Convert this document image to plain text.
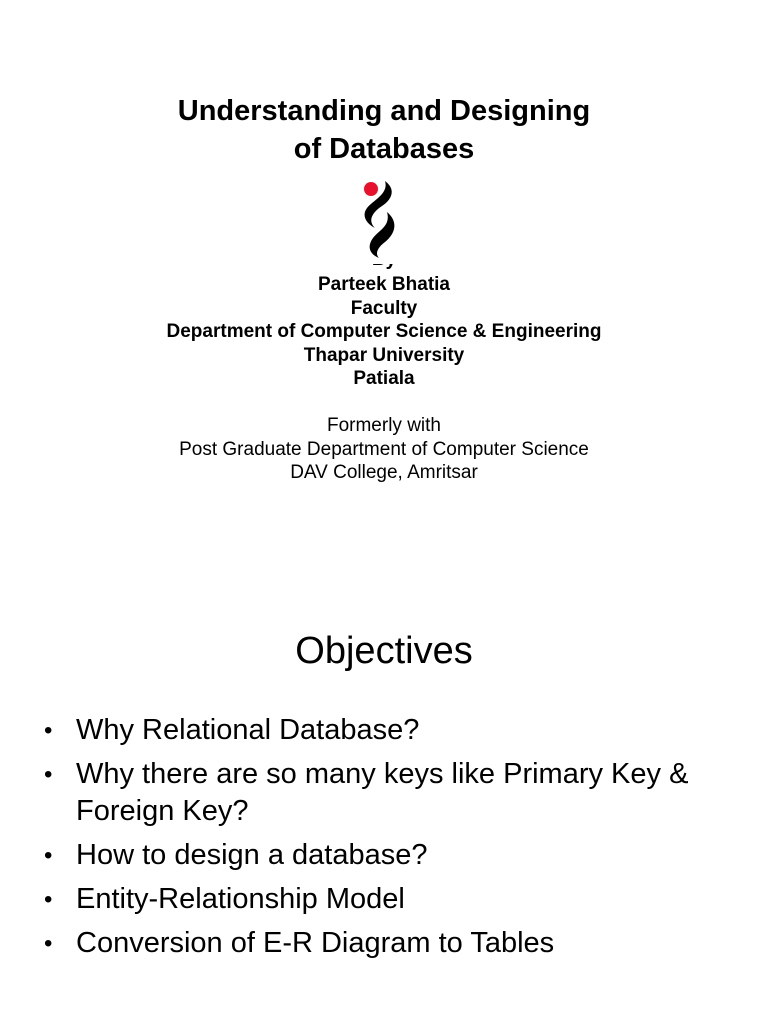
Understanding and Designing
of Databases
Parteek Bhatia
Faculty
Department of Computer Science & Engineering
Thapar University
Patiala
Formerly with
Post Graduate Department of Computer Science
DAV College, Amritsar
Objectives
• Why Relational Database?
• Why there are so many keys like Primary Key & Foreign Key?
• How to design a database?
• Entity-Relationship Model
• Conversion of E-R Diagram to Tables
